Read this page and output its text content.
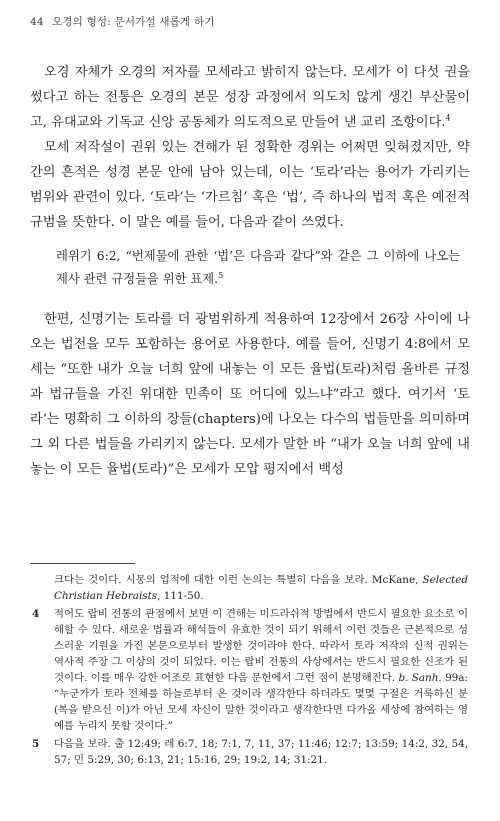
44 오경의 형성: 문서가설 새롭게 하기

오경 자체가 오경의 저자를 모세라고 밝히지 않는다. 모세가 이 다섯 권을 썼다고 하는 전통은 오경의 본문 성장 과정에서 의도치 않게 생긴 부산물이고, 유대교와 기독교 신앙 공동체가 의도적으로 만들어 낸 교리 조항이다.$^4$

모세 저작설이 권위 있는 견해가 된 정확한 경위는 어쩌면 잊혀졌지만, 약간의 흔적은 성경 본문 안에 남아 있는데, 이는 ‘토라’라는 용어가 가리키는 범위와 관련이 있다. ‘토라’는 ‘가르침’ 혹은 ‘법’, 즉 하나의 법적 혹은 예전적 규범을 뜻한다. 이 말은 예를 들어, 다음과 같이 쓰였다.

레위기 6:2, “번제물에 관한 ‘법’은 다음과 같다”와 같은 그 이하에 나오는 제사 관련 규정들을 위한 표제.$^5$

한편, 신명기는 토라를 더 광범위하게 적용하여 12장에서 26장 사이에 나오는 법전을 모두 포함하는 용어로 사용한다. 예를 들어, 신명기 4:8에서 모세는 “또한 내가 오늘 너희 앞에 내놓는 이 모든 율법(토라)처럼 올바른 규정과 법규들을 가진 위대한 민족이 또 어디에 있느냐”라고 했다. 여기서 ‘토라’는 명확히 그 이하의 장들(chapters)에 나오는 다수의 법들만을 의미하며 그 외 다른 법들을 가리키지 않는다. 모세가 말한 바 “내가 오늘 너희 앞에 내놓는 이 모든 율법(토라)”은 모세가 모압 평지에서 백성

크다는 것이다. 시몽의 업적에 대한 이런 논의는 특별히 다음을 보라. McKane, Selected Christian Hebraists, 111-50.

4 적어도 랍비 전통의 관점에서 보면 이 견해는 미드라쉬적 방법에서 반드시 필요한 요소로 이해할 수 있다. 새로운 법률과 해석들이 유효한 것이 되기 위해서 이런 것들은 근본적으로 성스러운 기원을 가진 본문으로부터 발생한 것이라야 한다. 따라서 토라 저작의 신적 권위는 역사적 주장 그 이상의 것이 되었다. 이는 랍비 전통의 사상에서는 반드시 필요한 신조가 된 것이다. 이를 매우 강한 어조로 표현한 다음 문헌에서 그런 점이 분명해진다. b. Sanh. 99a: “누군가가 토라 전체를 하늘로부터 온 것이라 생각한다 하더라도 몇몇 구절은 거룩하신 분(복을 받으신 이)가 아닌 모세 자신이 말한 것이라고 생각한다면 다가올 세상에 참여하는 영예를 누리지 못할 것이다.”

5 다음을 보라. 출 12:49; 레 6:7, 18; 7:1, 7, 11, 37; 11:46; 12:7; 13:59; 14:2, 32, 54, 57; 민 5:29, 30; 6:13, 21; 15:16, 29; 19:2, 14; 31:21.
